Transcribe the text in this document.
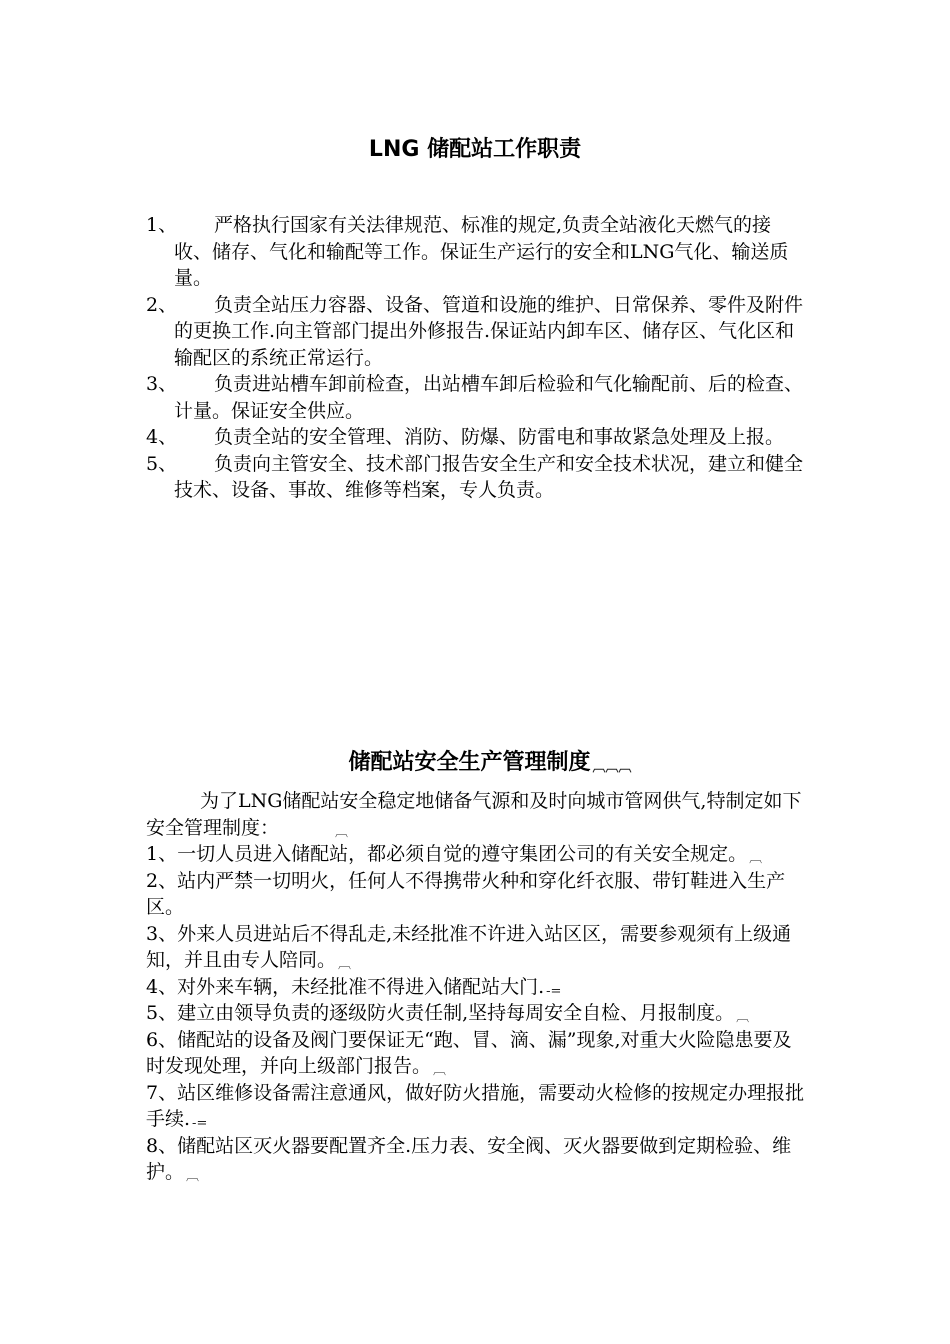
LNG 储配站工作职责
1、	严格执行国家有关法律规范、标准的规定,负责全站液化天燃气的接收、储存、气化和输配等工作。保证生产运行的安全和LNG气化、输送质量。
2、	负责全站压力容器、设备、管道和设施的维护、日常保养、零件及附件的更换工作.向主管部门提出外修报告.保证站内卸车区、储存区、气化区和输配区的系统正常运行。
3、	负责进站槽车卸前检查，出站槽车卸后检验和气化输配前、后的检查、计量。保证安全供应。
4、	负责全站的安全管理、消防、防爆、防雷电和事故紧急处理及上报。
5、	负责向主管安全、技术部门报告安全生产和安全技术状况，建立和健全技术、设备、事故、维修等档案，专人负责。
储配站安全生产管理制度 ︹︹︹
为了LNG储配站安全稳定地储备气源和及时向城市管网供气,特制定如下安全管理制度：	︹
1、一切人员进入储配站，都必须自觉的遵守集团公司的有关安全规定。 ︹
2、站内严禁一切明火，任何人不得携带火种和穿化纤衣服、带钉鞋进入生产区。
3、外来人员进站后不得乱走,未经批准不许进入站区区，需要参观须有上级通知，并且由专人陪同。 ︹
4、对外来车辆，未经批准不得进入储配站大门. -=
5、建立由领导负责的逐级防火责任制,坚持每周安全自检、月报制度。 ︹
6、储配站的设备及阀门要保证无“跑、冒、滴、漏”现象,对重大火险隐患要及时发现处理，并向上级部门报告。 ︹
7、站区维修设备需注意通风，做好防火措施，需要动火检修的按规定办理报批手续. -=
8、储配站区灭火器要配置齐全.压力表、安全阀、灭火器要做到定期检验、维护。 ︹
